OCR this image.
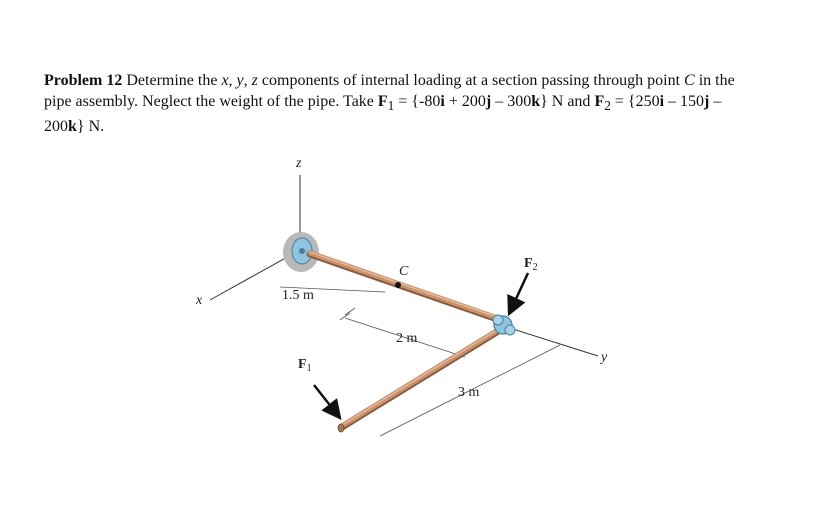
Problem 12 Determine the x, y, z components of internal loading at a section passing through point C in the pipe assembly. Neglect the weight of the pipe. Take $F_1 = \{-80i + 200j - 300k\}$ N and $F_2 = \{250i - 150j - 200k\}$ N.
z
x
y
C
1.5 m
2 m
3 m
$F_1$
$F_2$
